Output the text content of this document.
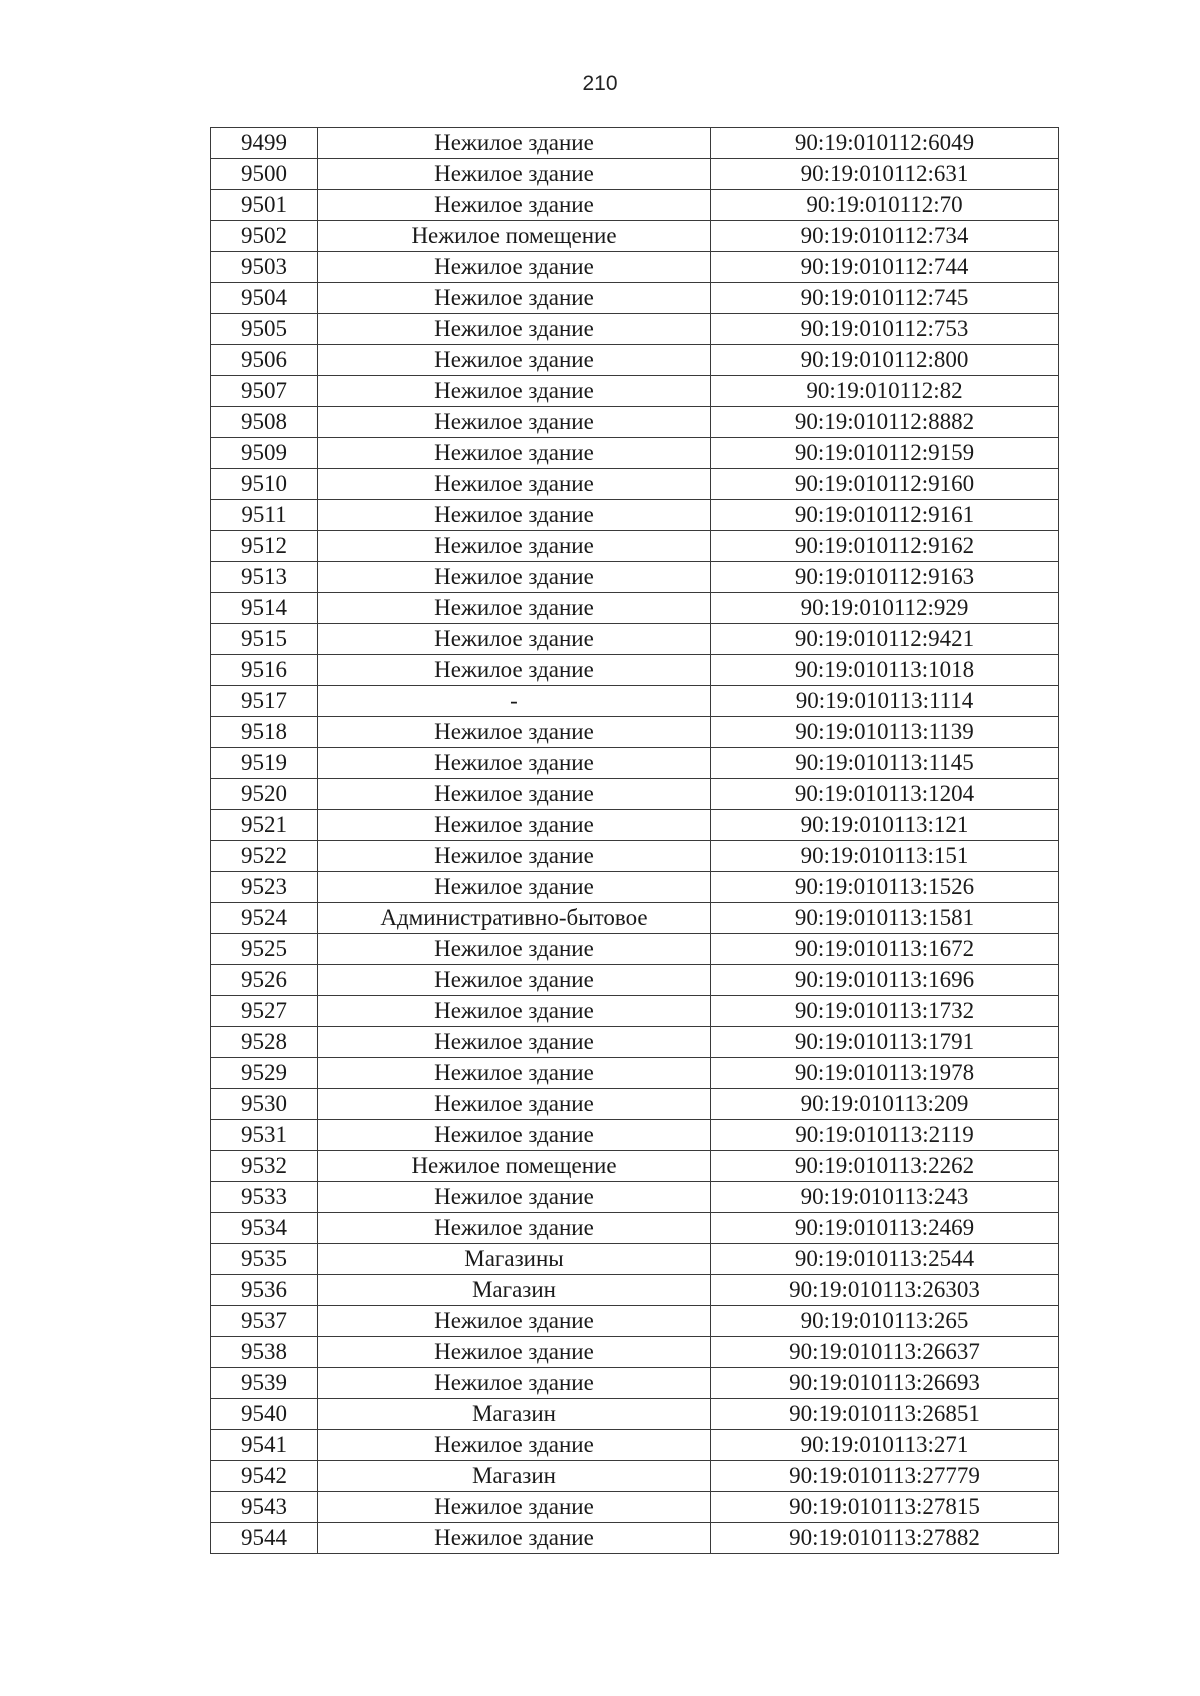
210
9499	Нежилое здание	90:19:010112:6049
9500	Нежилое здание	90:19:010112:631
9501	Нежилое здание	90:19:010112:70
9502	Нежилое помещение	90:19:010112:734
9503	Нежилое здание	90:19:010112:744
9504	Нежилое здание	90:19:010112:745
9505	Нежилое здание	90:19:010112:753
9506	Нежилое здание	90:19:010112:800
9507	Нежилое здание	90:19:010112:82
9508	Нежилое здание	90:19:010112:8882
9509	Нежилое здание	90:19:010112:9159
9510	Нежилое здание	90:19:010112:9160
9511	Нежилое здание	90:19:010112:9161
9512	Нежилое здание	90:19:010112:9162
9513	Нежилое здание	90:19:010112:9163
9514	Нежилое здание	90:19:010112:929
9515	Нежилое здание	90:19:010112:9421
9516	Нежилое здание	90:19:010113:1018
9517	-	90:19:010113:1114
9518	Нежилое здание	90:19:010113:1139
9519	Нежилое здание	90:19:010113:1145
9520	Нежилое здание	90:19:010113:1204
9521	Нежилое здание	90:19:010113:121
9522	Нежилое здание	90:19:010113:151
9523	Нежилое здание	90:19:010113:1526
9524	Административно-бытовое	90:19:010113:1581
9525	Нежилое здание	90:19:010113:1672
9526	Нежилое здание	90:19:010113:1696
9527	Нежилое здание	90:19:010113:1732
9528	Нежилое здание	90:19:010113:1791
9529	Нежилое здание	90:19:010113:1978
9530	Нежилое здание	90:19:010113:209
9531	Нежилое здание	90:19:010113:2119
9532	Нежилое помещение	90:19:010113:2262
9533	Нежилое здание	90:19:010113:243
9534	Нежилое здание	90:19:010113:2469
9535	Магазины	90:19:010113:2544
9536	Магазин	90:19:010113:26303
9537	Нежилое здание	90:19:010113:265
9538	Нежилое здание	90:19:010113:26637
9539	Нежилое здание	90:19:010113:26693
9540	Магазин	90:19:010113:26851
9541	Нежилое здание	90:19:010113:271
9542	Магазин	90:19:010113:27779
9543	Нежилое здание	90:19:010113:27815
9544	Нежилое здание	90:19:010113:27882
